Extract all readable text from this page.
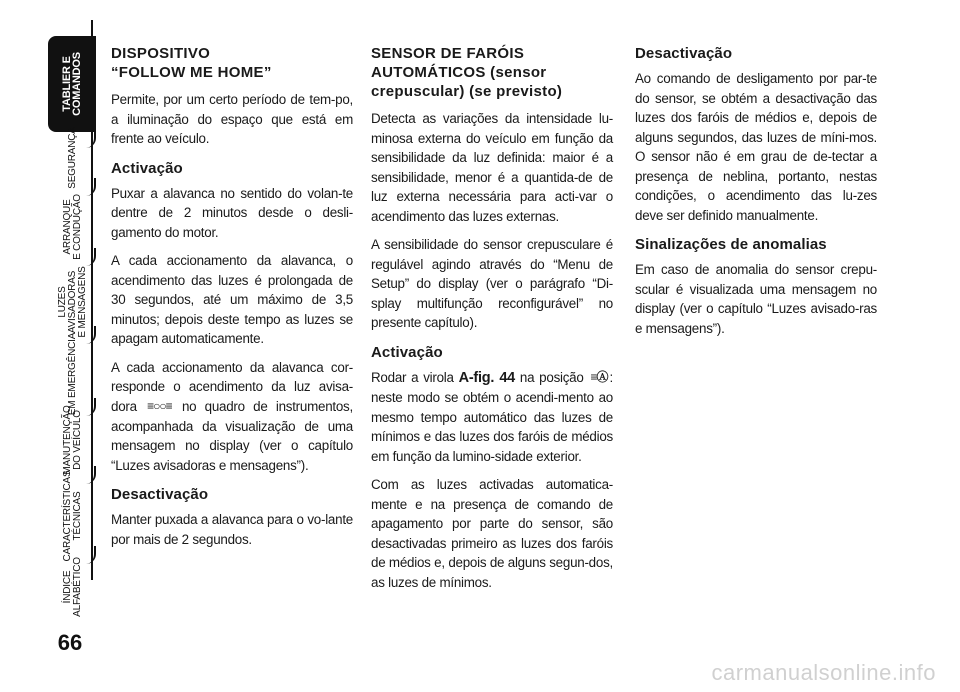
TABLIER E
COMANDOS
SEGURANÇA
ARRANQUE
E CONDUÇÃO
LUZES
AVISADORAS
E MENSAGENS
EM EMERGÊNCIA
MANUTENÇÃO
DO VEÍCULO
CARACTERÍSTICAS
TÉCNICAS
ÍNDICE
ALFABÉTICO
66
DISPOSITIVO
“FOLLOW ME HOME”

Permite, por um certo período de tem-po, a iluminação do espaço que está em frente ao veículo.

Activação

Puxar a alavanca no sentido do volan-te dentre de 2 minutos desde o desli-gamento do motor.

A cada accionamento da alavanca, o acendimento das luzes é prolongada de 30 segundos, até um máximo de 3,5 minutos; depois deste tempo as luzes se apagam automaticamente.

A cada accionamento da alavanca cor-responde o acendimento da luz avisa-dora ≡○○≡ no quadro de instrumentos, acompanhada da visualização de uma mensagem no display (ver o capítulo “Luzes avisadoras e mensagens”).

Desactivação

Manter puxada a alavanca para o vo-lante por mais de 2 segundos.

SENSOR DE FARÓIS AUTOMÁTICOS (sensor crepuscular) (se previsto)

Detecta as variações da intensidade lu-minosa externa do veículo em função da sensibilidade da luz definida: maior é a sensibilidade, menor é a quantida-de de luz externa necessária para acti-var o acendimento das luzes externas.

A sensibilidade do sensor crepusculare é regulável agindo através do “Menu de Setup” do display (ver o parágrafo “Di-splay multifunção reconfigurável” no presente capítulo).

Activação

Rodar a virola A-fig. 44 na posição ≡Ⓐ : neste modo se obtém o acendi-mento ao mesmo tempo automático das luzes de mínimos e das luzes dos faróis de médios em função da lumino-sidade exterior.

Com as luzes activadas automatica-mente e na presença de comando de apagamento por parte do sensor, são desactivadas primeiro as luzes dos faróis de médios e, depois de alguns segun-dos, as luzes de mínimos.

Desactivação

Ao comando de desligamento por par-te do sensor, se obtém a desactivação das luzes dos faróis de médios e, depois de alguns segundos, das luzes de míni-mos. O sensor não é em grau de de-tectar a presença de neblina, portanto, nestas condições, o acendimento das lu-zes deve ser definido manualmente.

Sinalizações de anomalias

Em caso de anomalia do sensor crepu-scular é visualizada uma mensagem no display (ver o capítulo “Luzes avisado-ras e mensagens”).

carmanualsonline.info
